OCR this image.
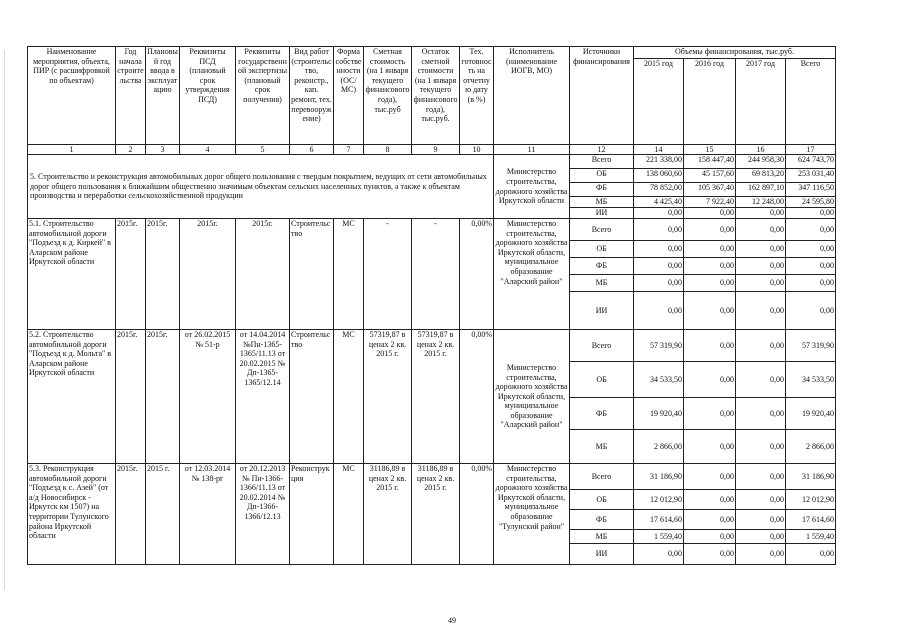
Наименование мероприятия, объекта, ПИР (с расшифровкой по объектам)	Год начала строительства	Плановый год ввода в эксплуатацию	Реквизиты ПСД (плановый срок утверждения ПСД)	Реквизиты государственной экспертизы (плановый срок получения)	Вид работ (строительство, реконстр., кап. ремонт, тех. перевооружение)	Форма собственности (ОС/МС)	Сметная стоимость (на 1 января текущего финансового года), тыс.руб	Остаток сметной стоимости (на 1 января текущего финансового года), тыс.руб.	Тех. готовность на отчетную дату (в %)	Исполнитель (наименование ИОГВ, МО)	Источники финансирования	Объемы финансирования, тыс.руб.			
												2015 год	2016 год	2017 год	Всего
1	2	3	4	5	6	7	8	9	10	11	12	14	15	16	17
5. Строительство и реконструкция автомобильных дорог общего пользования с твердым покрытием, ведущих от сети автомобильных дорог общего пользования к ближайшим общественно значимым объектам сельских населенных пунктов, а также к объектам производства и переработки сельскохозяйственной продукции										Министерство строительства, дорожного хозяйства Иркутской области	Всего	221 338,00	158 447,40	244 958,30	624 743,70
											ОБ	138 060,60	45 157,60	69 813,20	253 031,40
											ФБ	78 852,00	105 367,40	162 897,10	347 116,50
											МБ	4 425,40	7 922,40	12 248,00	24 595,80
											ИИ	0,00	0,00	0,00	0,00
5.1. Строительство автомобильной дороги "Подъезд к д. Киркей" в Аларском районе Иркутской области	2015г.	2015г.	2015г.	2015г.	Строительство	МС	-	-	0,00%	Министерство строительства, дорожного хозяйства Иркутской области, муниципальное образование "Аларский район"	Всего	0,00	0,00	0,00	0,00
											ОБ	0,00	0,00	0,00	0,00
											ФБ	0,00	0,00	0,00	0,00
											МБ	0,00	0,00	0,00	0,00
											ИИ	0,00	0,00	0,00	0,00
5.2. Строительство автомобильной дороги "Подъезд к д. Мольта" в Аларском районе Иркутской области	2015г.	2015г.	от 26.02.2015 № 51-р	от 14.04.2014 №Пн-1365-1365/11.13 от 20.02.2015 № Дп-1365-1365/12.14	Строительство	МС	57319,87 в ценах 2 кв. 2015 г.	57319,87 в ценах 2 кв. 2015 г.	0,00%	Министерство строительства, дорожного хозяйства Иркутской области, муниципальное образование "Аларский район"	Всего	57 319,90	0,00	0,00	57 319,90
											ОБ	34 533,50	0,00	0,00	34 533,50
											ФБ	19 920,40	0,00	0,00	19 920,40
											МБ	2 866,00	0,00	0,00	2 866,00
5.3. Реконструкция автомобильной дороги "Подъезд к с. Азей" (от а/д Новосибирск - Иркутск км 1507) на территории Тулунского района Иркутской области	2015г.	2015 г.	от 12.03.2014 № 138-рг	от 20.12.2013 № Пн-1366-1366/11.13 от 20.02.2014 № Дп-1366-1366/12.13	Реконструкция	МС	31186,89 в ценах 2 кв. 2015 г.	31186,89 в ценах 2 кв. 2015 г.	0,00%	Министерство строительства, дорожного хозяйства Иркутской области, муниципальное образование "Тулунский район"	Всего	31 186,90	0,00	0,00	31 186,90
											ОБ	12 012,90	0,00	0,00	12 012,90
											ФБ	17 614,60	0,00	0,00	17 614,60
											МБ	1 559,40	0,00	0,00	1 559,40
											ИИ	0,00	0,00	0,00	0,00
49
